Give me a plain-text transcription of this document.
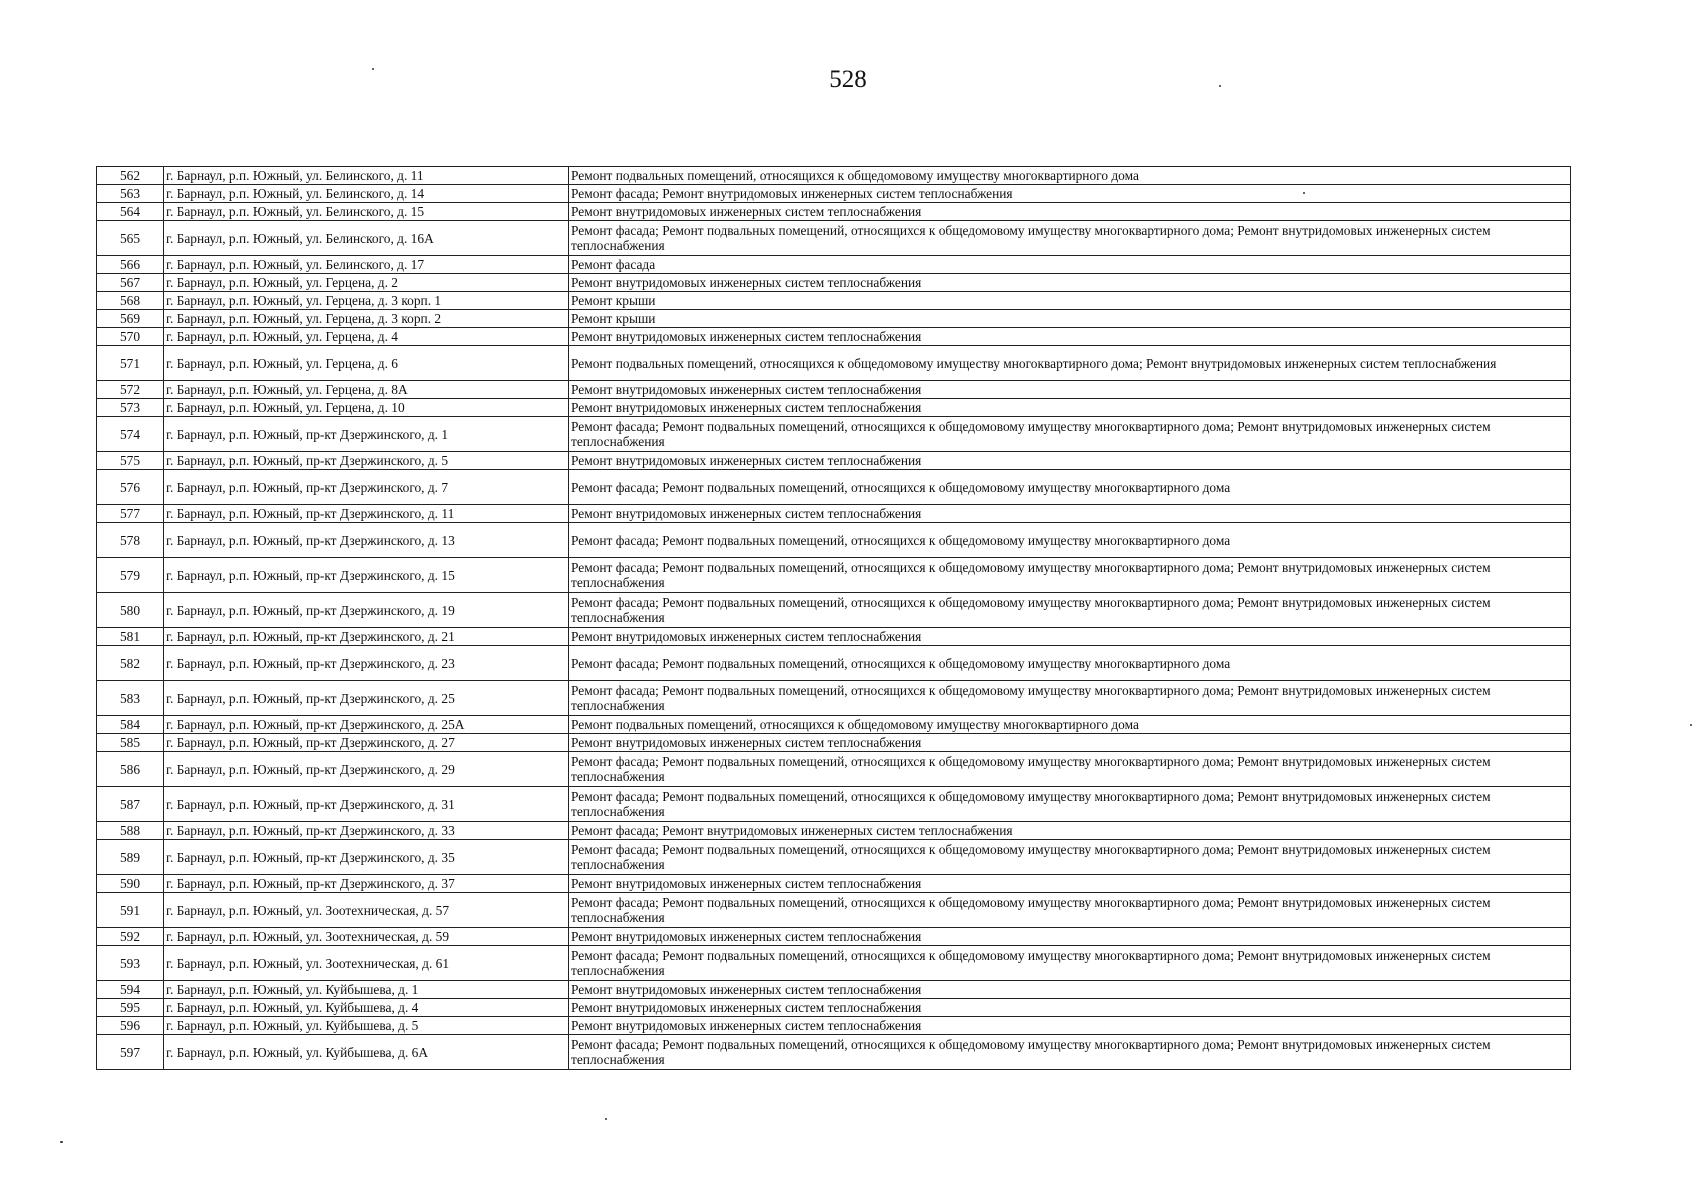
528
562	г. Барнаул, р.п. Южный, ул. Белинского, д. 11	Ремонт подвальных помещений, относящихся к общедомовому имуществу многоквартирного дома
563	г. Барнаул, р.п. Южный, ул. Белинского, д. 14	Ремонт фасада; Ремонт внутридомовых инженерных систем теплоснабжения
564	г. Барнаул, р.п. Южный, ул. Белинского, д. 15	Ремонт внутридомовых инженерных систем теплоснабжения
565	г. Барнаул, р.п. Южный, ул. Белинского, д. 16А	Ремонт фасада; Ремонт подвальных помещений, относящихся к общедомовому имуществу многоквартирного дома; Ремонт внутридомовых инженерных систем теплоснабжения
566	г. Барнаул, р.п. Южный, ул. Белинского, д. 17	Ремонт фасада
567	г. Барнаул, р.п. Южный, ул. Герцена, д. 2	Ремонт внутридомовых инженерных систем теплоснабжения
568	г. Барнаул, р.п. Южный, ул. Герцена, д. 3 корп. 1	Ремонт крыши
569	г. Барнаул, р.п. Южный, ул. Герцена, д. 3 корп. 2	Ремонт крыши
570	г. Барнаул, р.п. Южный, ул. Герцена, д. 4	Ремонт внутридомовых инженерных систем теплоснабжения
571	г. Барнаул, р.п. Южный, ул. Герцена, д. 6	Ремонт подвальных помещений, относящихся к общедомовому имуществу многоквартирного дома; Ремонт внутридомовых инженерных систем теплоснабжения
572	г. Барнаул, р.п. Южный, ул. Герцена, д. 8А	Ремонт внутридомовых инженерных систем теплоснабжения
573	г. Барнаул, р.п. Южный, ул. Герцена, д. 10	Ремонт внутридомовых инженерных систем теплоснабжения
574	г. Барнаул, р.п. Южный, пр-кт Дзержинского, д. 1	Ремонт фасада; Ремонт подвальных помещений, относящихся к общедомовому имуществу многоквартирного дома; Ремонт внутридомовых инженерных систем теплоснабжения
575	г. Барнаул, р.п. Южный, пр-кт Дзержинского, д. 5	Ремонт внутридомовых инженерных систем теплоснабжения
576	г. Барнаул, р.п. Южный, пр-кт Дзержинского, д. 7	Ремонт фасада; Ремонт подвальных помещений, относящихся к общедомовому имуществу многоквартирного дома
577	г. Барнаул, р.п. Южный, пр-кт Дзержинского, д. 11	Ремонт внутридомовых инженерных систем теплоснабжения
578	г. Барнаул, р.п. Южный, пр-кт Дзержинского, д. 13	Ремонт фасада; Ремонт подвальных помещений, относящихся к общедомовому имуществу многоквартирного дома
579	г. Барнаул, р.п. Южный, пр-кт Дзержинского, д. 15	Ремонт фасада; Ремонт подвальных помещений, относящихся к общедомовому имуществу многоквартирного дома; Ремонт внутридомовых инженерных систем теплоснабжения
580	г. Барнаул, р.п. Южный, пр-кт Дзержинского, д. 19	Ремонт фасада; Ремонт подвальных помещений, относящихся к общедомовому имуществу многоквартирного дома; Ремонт внутридомовых инженерных систем теплоснабжения
581	г. Барнаул, р.п. Южный, пр-кт Дзержинского, д. 21	Ремонт внутридомовых инженерных систем теплоснабжения
582	г. Барнаул, р.п. Южный, пр-кт Дзержинского, д. 23	Ремонт фасада; Ремонт подвальных помещений, относящихся к общедомовому имуществу многоквартирного дома
583	г. Барнаул, р.п. Южный, пр-кт Дзержинского, д. 25	Ремонт фасада; Ремонт подвальных помещений, относящихся к общедомовому имуществу многоквартирного дома; Ремонт внутридомовых инженерных систем теплоснабжения
584	г. Барнаул, р.п. Южный, пр-кт Дзержинского, д. 25А	Ремонт подвальных помещений, относящихся к общедомовому имуществу многоквартирного дома
585	г. Барнаул, р.п. Южный, пр-кт Дзержинского, д. 27	Ремонт внутридомовых инженерных систем теплоснабжения
586	г. Барнаул, р.п. Южный, пр-кт Дзержинского, д. 29	Ремонт фасада; Ремонт подвальных помещений, относящихся к общедомовому имуществу многоквартирного дома; Ремонт внутридомовых инженерных систем теплоснабжения
587	г. Барнаул, р.п. Южный, пр-кт Дзержинского, д. 31	Ремонт фасада; Ремонт подвальных помещений, относящихся к общедомовому имуществу многоквартирного дома; Ремонт внутридомовых инженерных систем теплоснабжения
588	г. Барнаул, р.п. Южный, пр-кт Дзержинского, д. 33	Ремонт фасада; Ремонт внутридомовых инженерных систем теплоснабжения
589	г. Барнаул, р.п. Южный, пр-кт Дзержинского, д. 35	Ремонт фасада; Ремонт подвальных помещений, относящихся к общедомовому имуществу многоквартирного дома; Ремонт внутридомовых инженерных систем теплоснабжения
590	г. Барнаул, р.п. Южный, пр-кт Дзержинского, д. 37	Ремонт внутридомовых инженерных систем теплоснабжения
591	г. Барнаул, р.п. Южный, ул. Зоотехническая, д. 57	Ремонт фасада; Ремонт подвальных помещений, относящихся к общедомовому имуществу многоквартирного дома; Ремонт внутридомовых инженерных систем теплоснабжения
592	г. Барнаул, р.п. Южный, ул. Зоотехническая, д. 59	Ремонт внутридомовых инженерных систем теплоснабжения
593	г. Барнаул, р.п. Южный, ул. Зоотехническая, д. 61	Ремонт фасада; Ремонт подвальных помещений, относящихся к общедомовому имуществу многоквартирного дома; Ремонт внутридомовых инженерных систем теплоснабжения
594	г. Барнаул, р.п. Южный, ул. Куйбышева, д. 1	Ремонт внутридомовых инженерных систем теплоснабжения
595	г. Барнаул, р.п. Южный, ул. Куйбышева, д. 4	Ремонт внутридомовых инженерных систем теплоснабжения
596	г. Барнаул, р.п. Южный, ул. Куйбышева, д. 5	Ремонт внутридомовых инженерных систем теплоснабжения
597	г. Барнаул, р.п. Южный, ул. Куйбышева, д. 6А	Ремонт фасада; Ремонт подвальных помещений, относящихся к общедомовому имуществу многоквартирного дома; Ремонт внутридомовых инженерных систем теплоснабжения
